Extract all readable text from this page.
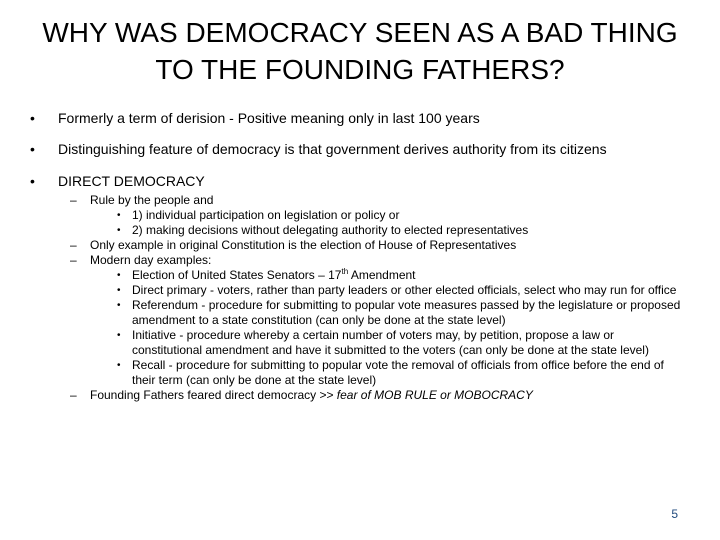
WHY WAS DEMOCRACY SEEN AS A BAD THING
TO THE FOUNDING FATHERS?
• Formerly a term of derision - Positive meaning only in last 100 years
• Distinguishing feature of democracy is that government derives authority from its citizens
• DIRECT DEMOCRACY
–	Rule by the people and
• 1) individual participation on legislation or policy or
• 2) making decisions without delegating authority to elected representatives
–	Only example in original Constitution is the election of House of Representatives
–	Modern day examples:
• Election of United States Senators – 17th Amendment
• Direct primary - voters, rather than party leaders or other elected officials, select who may run for office
• Referendum - procedure for submitting to popular vote measures passed by the legislature or proposed amendment to a state constitution (can only be done at the state level)
• Initiative - procedure whereby a certain number of voters may, by petition, propose a law or constitutional amendment and have it submitted to the voters (can only be done at the state level)
• Recall - procedure for submitting to popular vote the removal of officials from office before the end of their term (can only be done at the state level)
–	Founding Fathers feared direct democracy >> fear of MOB RULE or MOBOCRACY
5
